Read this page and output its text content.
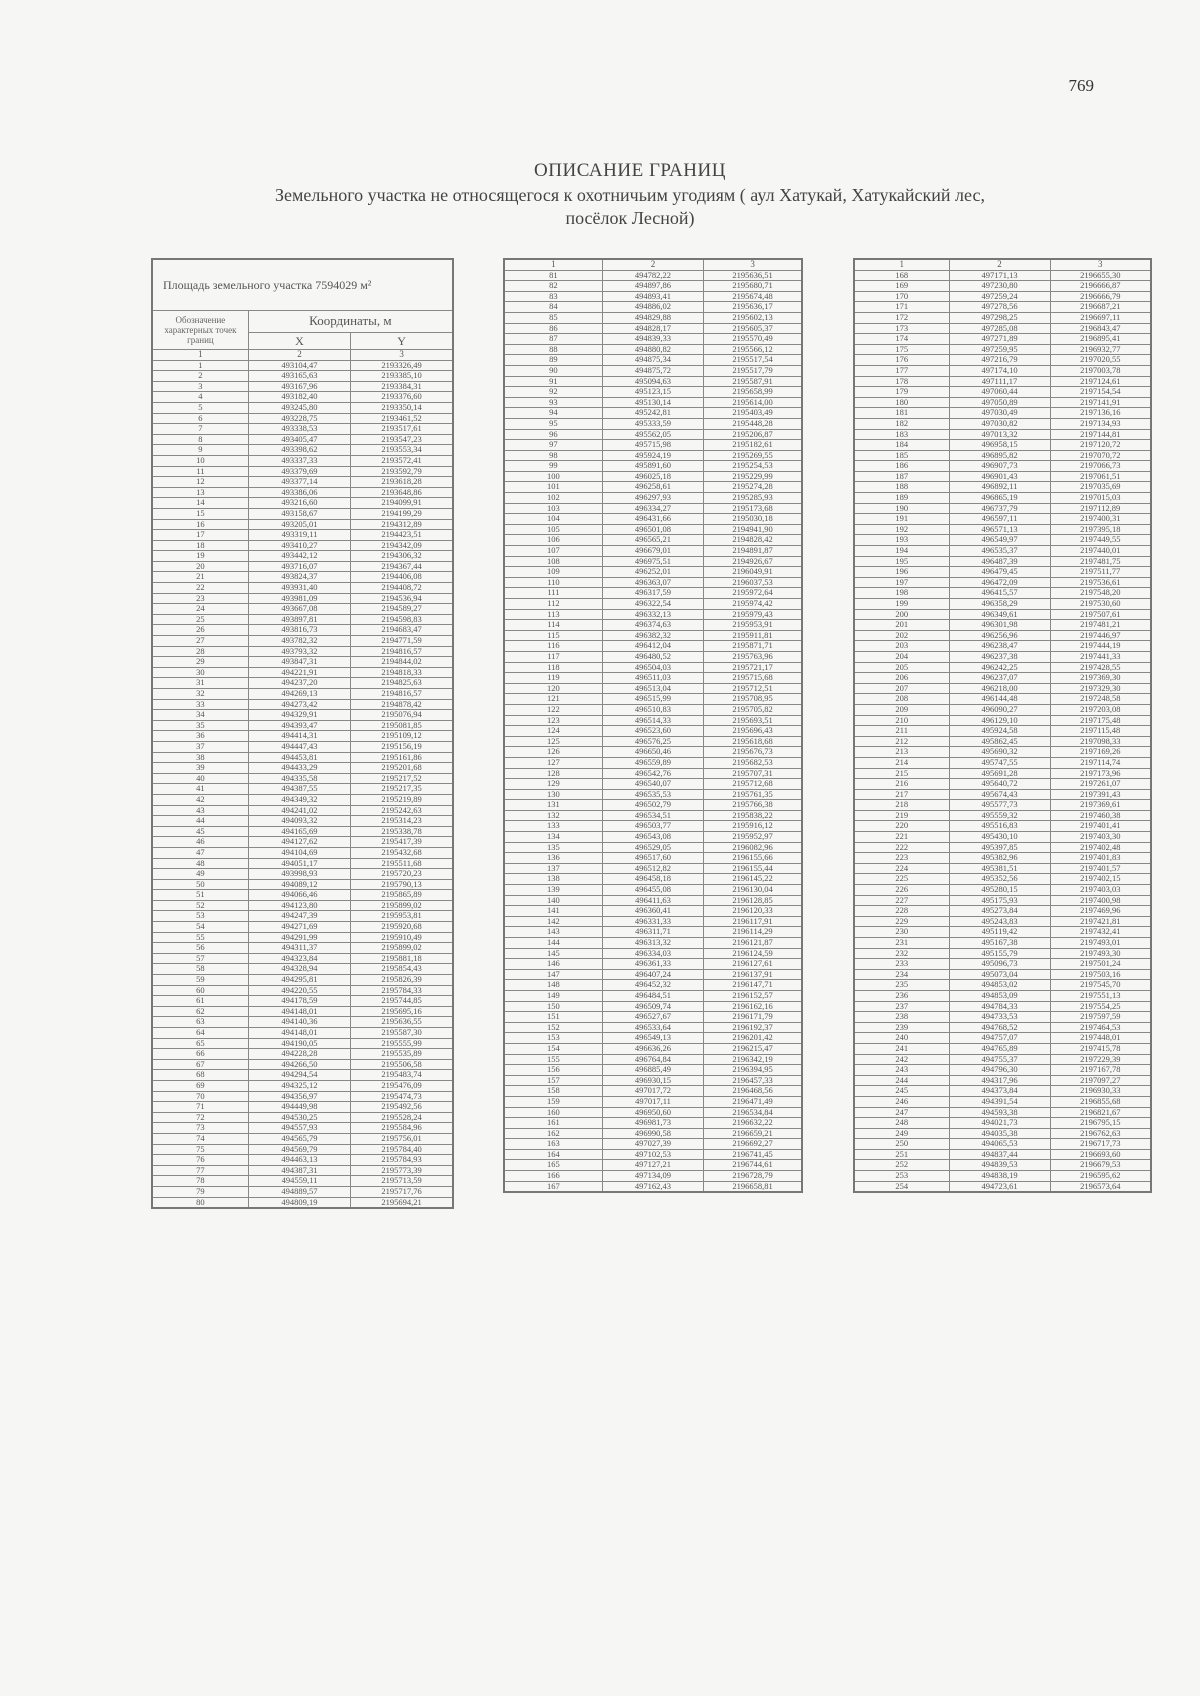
769
ОПИСАНИЕ ГРАНИЦ
Земельного участка не относящегося к охотничьим угодиям ( аул Хатукай, Хатукайский лес,
посёлок Лесной)
Площадь земельного участка 7594029 м²		
Обозначение характерных точек границ	Координаты, м	
	X	Y
1	2	3
1	493104,47	2193326,49
2	493165,63	2193385,10
3	493167,96	2193384,31
4	493182,40	2193376,60
5	493245,80	2193350,14
6	493228,75	2193461,52
7	493338,53	2193517,61
8	493405,47	2193547,23
9	493398,62	2193553,34
10	493337,33	2193572,41
11	493379,69	2193592,79
12	493377,14	2193618,28
13	493386,06	2193648,86
14	493216,60	2194099,91
15	493158,67	2194199,29
16	493205,01	2194312,89
17	493319,11	2194423,51
18	493410,27	2194342,09
19	493442,12	2194306,32
20	493716,07	2194367,44
21	493824,37	2194406,08
22	493931,40	2194408,72
23	493981,09	2194536,94
24	493667,08	2194589,27
25	493897,81	2194598,83
26	493816,73	2194683,47
27	493782,32	2194771,59
28	493793,32	2194816,57
29	493847,31	2194844,02
30	494221,91	2194818,33
31	494237,20	2194825,63
32	494269,13	2194816,57
33	494273,42	2194878,42
34	494329,91	2195076,94
35	494393,47	2195081,85
36	494414,31	2195109,12
37	494447,43	2195156,19
38	494453,81	2195161,86
39	494433,29	2195201,68
40	494335,58	2195217,52
41	494387,55	2195217,35
42	494349,32	2195219,89
43	494241,02	2195242,63
44	494093,32	2195314,23
45	494165,69	2195338,78
46	494127,62	2195417,39
47	494104,69	2195432,68
48	494051,17	2195511,68
49	493998,93	2195720,23
50	494089,12	2195790,13
51	494066,46	2195865,89
52	494123,80	2195899,02
53	494247,39	2195953,81
54	494271,69	2195920,68
55	494291,99	2195910,49
56	494311,37	2195899,02
57	494323,84	2195881,18
58	494328,94	2195854,43
59	494295,81	2195826,39
60	494220,55	2195784,33
61	494178,59	2195744,85
62	494148,01	2195695,16
63	494140,36	2195636,55
64	494148,01	2195587,30
65	494190,05	2195555,99
66	494228,28	2195535,89
67	494266,50	2195506,58
68	494294,54	2195483,74
69	494325,12	2195476,09
70	494356,97	2195474,73
71	494449,98	2195492,56
72	494530,25	2195528,24
73	494557,93	2195584,96
74	494565,79	2195756,01
75	494569,79	2195784,40
76	494463,13	2195784,93
77	494387,31	2195773,39
78	494559,11	2195713,59
79	494889,57	2195717,76
80	494809,19	2195694,21
1	2	3
81	494782,22	2195636,51
82	494897,86	2195680,71
83	494893,41	2195674,48
84	494886,02	2195636,17
85	494829,88	2195602,13
86	494828,17	2195605,37
87	494839,33	2195570,49
88	494880,82	2195566,12
89	494875,34	2195517,54
90	494875,72	2195517,79
91	495094,63	2195587,91
92	495123,15	2195658,99
93	495130,14	2195614,00
94	495242,81	2195403,49
95	495333,59	2195448,28
96	495562,05	2195206,87
97	495715,98	2195182,61
98	495924,19	2195269,55
99	495891,60	2195254,53
100	496025,18	2195229,99
101	496258,61	2195274,28
102	496297,93	2195285,93
103	496334,27	2195173,68
104	496431,66	2195030,18
105	496501,08	2194941,90
106	496565,21	2194828,42
107	496679,01	2194891,87
108	496975,51	2194926,67
109	496252,01	2196049,91
110	496363,07	2196037,53
111	496317,59	2195972,64
112	496322,54	2195974,42
113	496332,13	2195979,43
114	496374,63	2195953,91
115	496382,32	2195911,81
116	496412,04	2195871,71
117	496480,52	2195763,96
118	496504,03	2195721,17
119	496511,03	2195715,68
120	496513,04	2195712,51
121	496515,99	2195708,95
122	496510,83	2195705,82
123	496514,33	2195693,51
124	496523,60	2195696,43
125	496576,25	2195618,68
126	496650,46	2195676,73
127	496559,89	2195682,53
128	496542,76	2195707,31
129	496540,07	2195712,68
130	496535,53	2195761,35
131	496502,79	2195766,38
132	496534,51	2195838,22
133	496503,77	2195916,12
134	496543,08	2195952,97
135	496529,05	2196082,96
136	496517,60	2196155,66
137	496512,82	2196155,44
138	496458,18	2196145,22
139	496455,08	2196130,04
140	496411,63	2196128,85
141	496360,41	2196120,33
142	496331,33	2196117,91
143	496311,71	2196114,29
144	496313,32	2196121,87
145	496334,03	2196124,59
146	496361,33	2196127,61
147	496407,24	2196137,91
148	496452,32	2196147,71
149	496484,51	2196152,57
150	496509,74	2196162,16
151	496527,67	2196171,79
152	496533,64	2196192,37
153	496549,13	2196201,42
154	496636,26	2196215,47
155	496764,84	2196342,19
156	496885,49	2196394,95
157	496930,15	2196457,33
158	497017,72	2196468,56
159	497017,11	2196471,49
160	496950,60	2196534,84
161	496981,73	2196632,22
162	496990,58	2196659,21
163	497027,39	2196692,27
164	497102,53	2196741,45
165	497127,21	2196744,61
166	497134,09	2196728,79
167	497162,43	2196658,81
1	2	3
168	497171,13	2196655,30
169	497230,80	2196666,87
170	497259,24	2196666,79
171	497278,56	2196687,21
172	497298,25	2196697,11
173	497285,08	2196843,47
174	497271,89	2196895,41
175	497259,95	2196932,77
176	497216,79	2197020,55
177	497174,10	2197003,78
178	497111,17	2197124,61
179	497060,44	2197154,54
180	497050,89	2197141,91
181	497030,49	2197136,16
182	497030,82	2197134,93
183	497013,32	2197144,81
184	496958,15	2197120,72
185	496895,82	2197070,72
186	496907,73	2197066,73
187	496901,43	2197061,51
188	496892,11	2197035,69
189	496865,19	2197015,03
190	496737,79	2197112,89
191	496597,11	2197400,31
192	496571,13	2197395,18
193	496549,97	2197449,55
194	496535,37	2197440,01
195	496487,39	2197481,75
196	496479,45	2197511,77
197	496472,09	2197536,61
198	496415,57	2197548,20
199	496358,29	2197530,60
200	496349,61	2197507,61
201	496301,98	2197481,21
202	496256,96	2197446,97
203	496238,47	2197444,19
204	496237,38	2197441,33
205	496242,25	2197428,55
206	496237,07	2197369,30
207	496218,00	2197329,30
208	496144,48	2197248,58
209	496090,27	2197203,08
210	496129,10	2197175,48
211	495924,58	2197115,48
212	495862,45	2197098,33
213	495690,32	2197169,26
214	495747,55	2197114,74
215	495691,28	2197173,96
216	495640,72	2197261,07
217	495674,43	2197391,43
218	495577,73	2197369,61
219	495559,32	2197460,38
220	495516,83	2197401,41
221	495430,10	2197403,30
222	495397,85	2197402,48
223	495382,96	2197401,83
224	495381,51	2197401,57
225	495352,56	2197402,15
226	495280,15	2197403,03
227	495175,93	2197400,98
228	495273,84	2197469,96
229	495243,83	2197421,81
230	495119,42	2197432,41
231	495167,38	2197493,01
232	495155,79	2197493,30
233	495096,73	2197501,24
234	495073,04	2197503,16
235	494853,02	2197545,70
236	494853,09	2197551,13
237	494784,33	2197554,25
238	494733,53	2197597,59
239	494768,52	2197464,53
240	494757,07	2197448,01
241	494765,89	2197415,78
242	494755,37	2197229,39
243	494796,30	2197167,78
244	494317,96	2197097,27
245	494373,84	2196930,33
246	494391,54	2196855,68
247	494593,38	2196821,67
248	494021,73	2196795,15
249	494035,38	2196762,63
250	494065,53	2196717,73
251	494837,44	2196693,60
252	494839,53	2196679,53
253	494838,19	2196595,62
254	494723,61	2196573,64
